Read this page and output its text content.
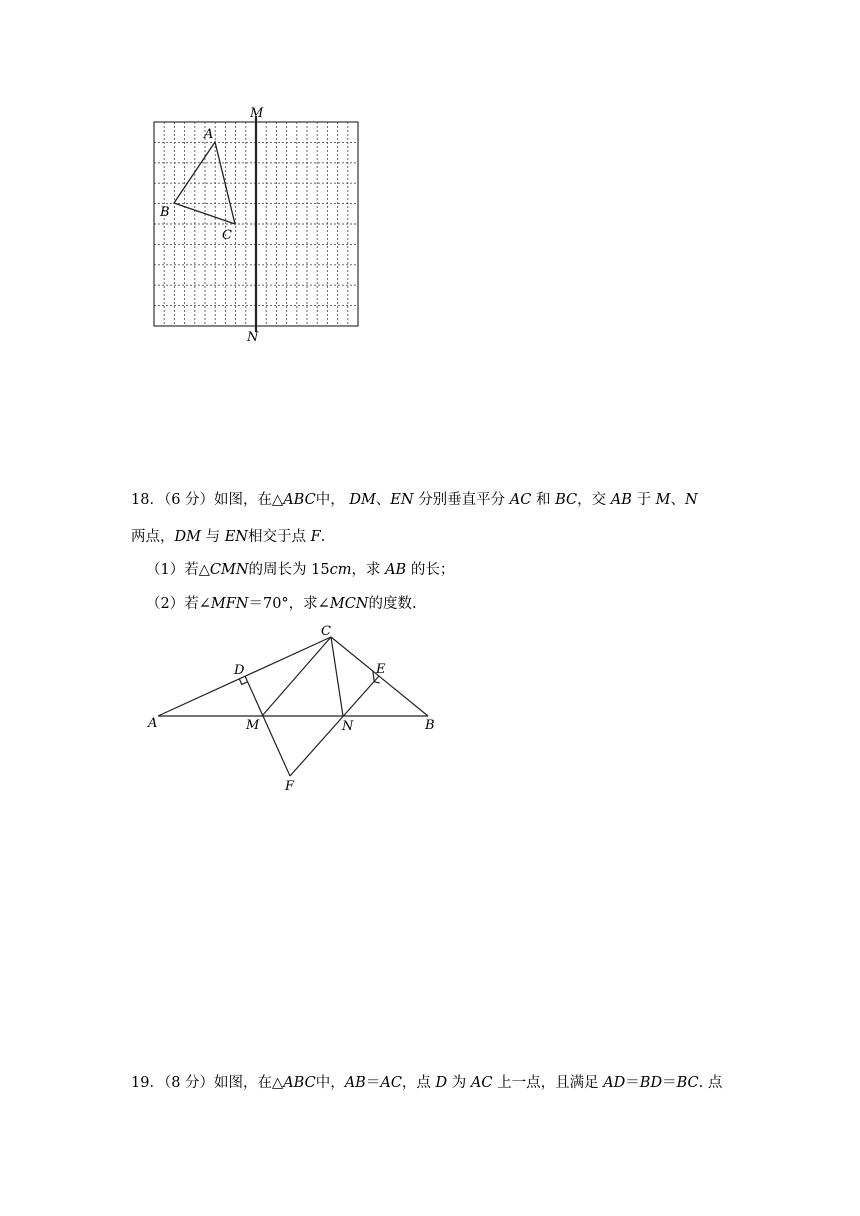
A
B
C
M
N
18．（6 分）如图，在△ABC中， DM、EN 分别垂直平分 AC 和 BC，交 AB 于 M、N
两点，DM 与 EN相交于点 F.
（1）若△CMN的周长为 15cm，求 AB 的长；
（2）若∠MFN＝70°，求∠MCN的度数.
C
D	E
A	M	N	B
F
19．（8 分）如图，在△ABC中，AB＝AC，点 D 为 AC 上一点，且满足 AD＝BD＝BC. 点
